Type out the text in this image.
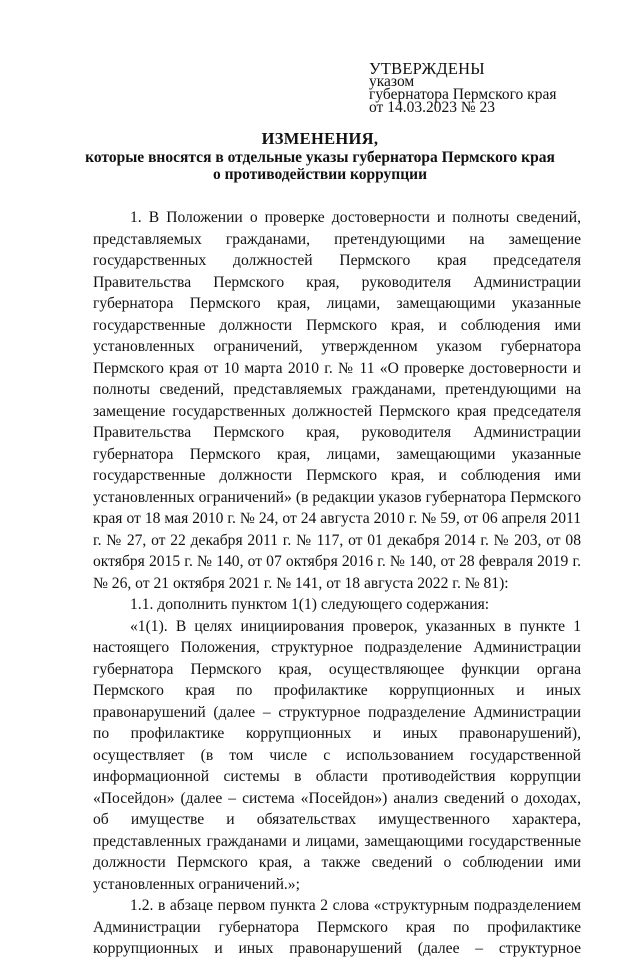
УТВЕРЖДЕНЫ
указом
губернатора Пермского края
от 14.03.2023 № 23
ИЗМЕНЕНИЯ,
которые вносятся в отдельные указы губернатора Пермского края
о противодействии коррупции

1. В Положении о проверке достоверности и полноты сведений, представляемых гражданами, претендующими на замещение государственных должностей Пермского края председателя Правительства Пермского края, руководителя Администрации губернатора Пермского края, лицами, замещающими указанные государственные должности Пермского края, и соблюдения ими установленных ограничений, утвержденном указом губернатора Пермского края от 10 марта 2010 г. № 11 «О проверке достоверности и полноты сведений, представляемых гражданами, претендующими на замещение государственных должностей Пермского края председателя Правительства Пермского края, руководителя Администрации губернатора Пермского края, лицами, замещающими указанные государственные должности Пермского края, и соблюдения ими установленных ограничений» (в редакции указов губернатора Пермского края от 18 мая 2010 г. № 24, от 24 августа 2010 г. № 59, от 06 апреля 2011 г. № 27, от 22 декабря 2011 г. № 117, от 01 декабря 2014 г. № 203, от 08 октября 2015 г. № 140, от 07 октября 2016 г. № 140, от 28 февраля 2019 г. № 26, от 21 октября 2021 г. № 141, от 18 августа 2022 г. № 81):

1.1. дополнить пунктом 1(1) следующего содержания:

«1(1). В целях инициирования проверок, указанных в пункте 1 настоящего Положения, структурное подразделение Администрации губернатора Пермского края, осуществляющее функции органа Пермского края по профилактике коррупционных и иных правонарушений (далее – структурное подразделение Администрации по профилактике коррупционных и иных правонарушений), осуществляет (в том числе с использованием государственной информационной системы в области противодействия коррупции «Посейдон» (далее – система «Посейдон») анализ сведений о доходах, об имуществе и обязательствах имущественного характера, представленных гражданами и лицами, замещающими государственные должности Пермского края, а также сведений о соблюдении ими установленных ограничений.»;

1.2. в абзаце первом пункта 2 слова «структурным подразделением Администрации губернатора Пермского края по профилактике коррупционных и иных правонарушений (далее – структурное
